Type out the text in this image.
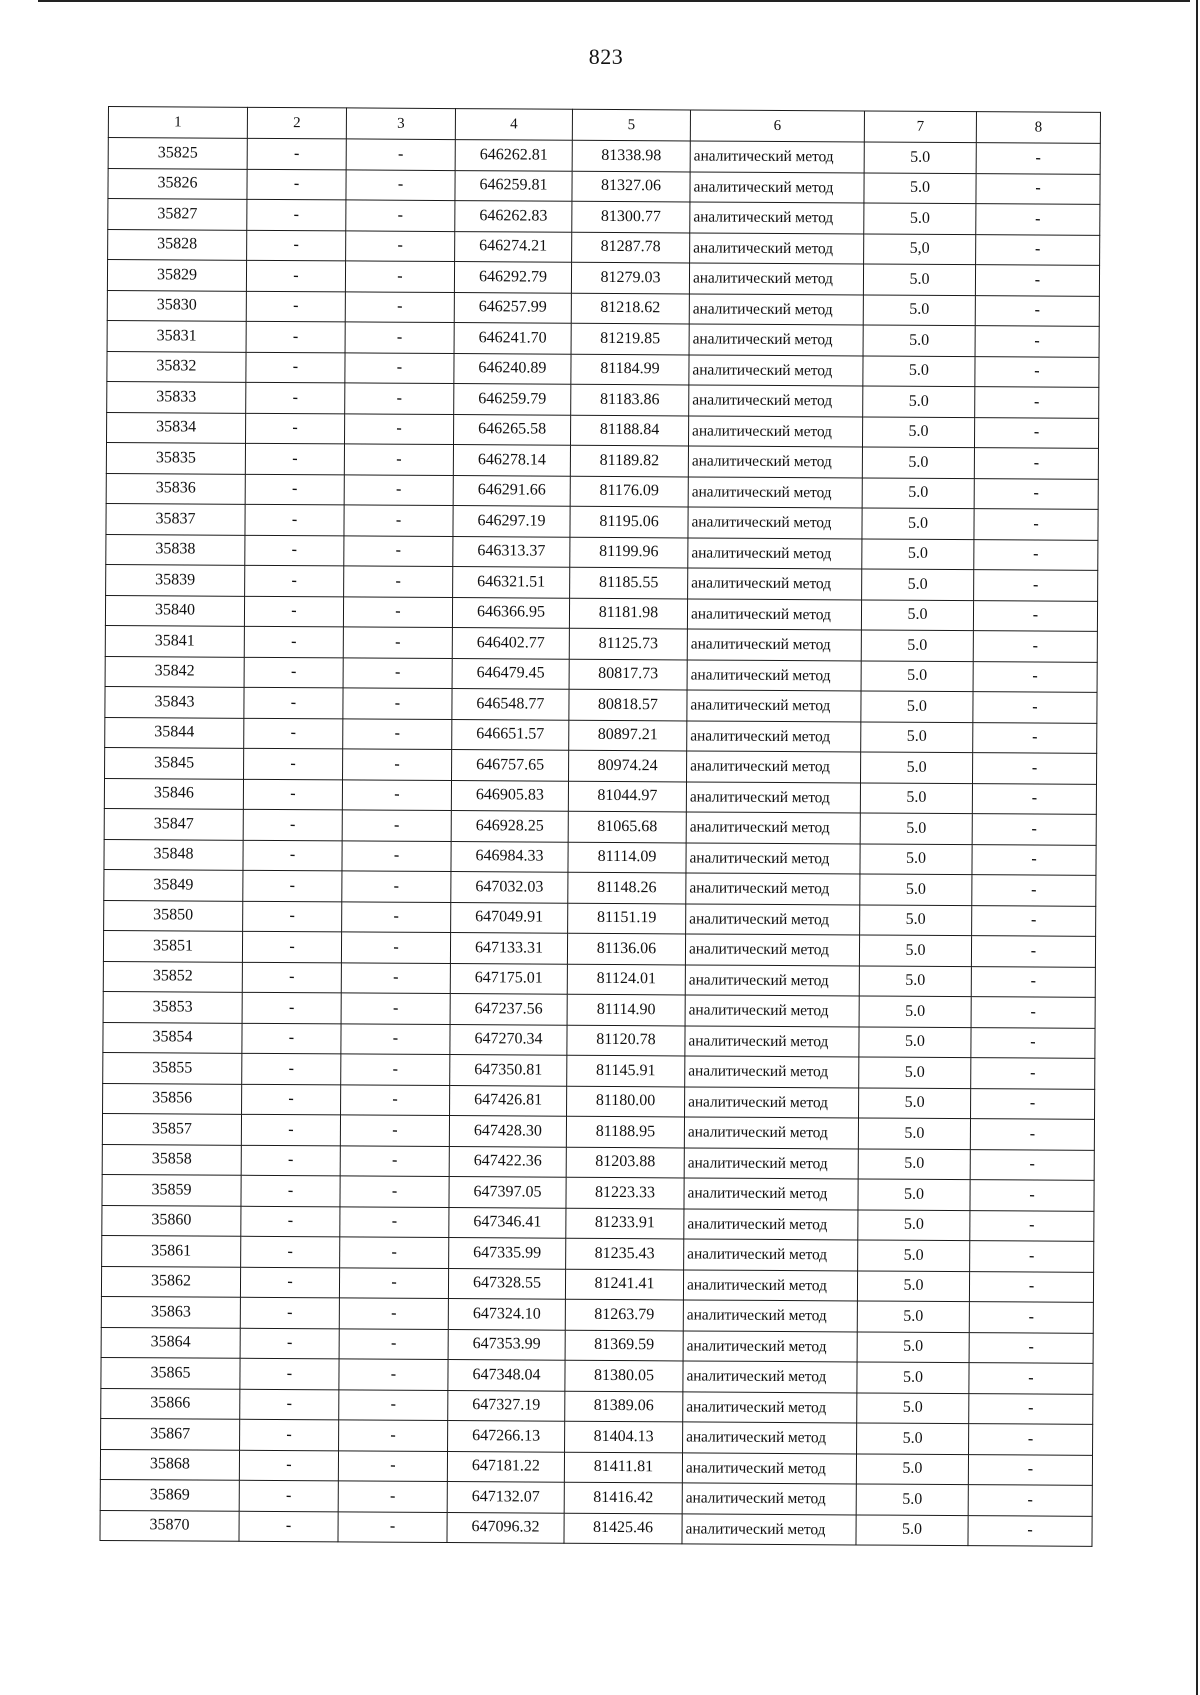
823
1	2	3	4	5	6	7	8
35825	-	-	646262.81	81338.98	аналитический метод	5.0	-
35826	-	-	646259.81	81327.06	аналитический метод	5.0	-
35827	-	-	646262.83	81300.77	аналитический метод	5.0	-
35828	-	-	646274.21	81287.78	аналитический метод	5,0	-
35829	-	-	646292.79	81279.03	аналитический метод	5.0	-
35830	-	-	646257.99	81218.62	аналитический метод	5.0	-
35831	-	-	646241.70	81219.85	аналитический метод	5.0	-
35832	-	-	646240.89	81184.99	аналитический метод	5.0	-
35833	-	-	646259.79	81183.86	аналитический метод	5.0	-
35834	-	-	646265.58	81188.84	аналитический метод	5.0	-
35835	-	-	646278.14	81189.82	аналитический метод	5.0	-
35836	-	-	646291.66	81176.09	аналитический метод	5.0	-
35837	-	-	646297.19	81195.06	аналитический метод	5.0	-
35838	-	-	646313.37	81199.96	аналитический метод	5.0	-
35839	-	-	646321.51	81185.55	аналитический метод	5.0	-
35840	-	-	646366.95	81181.98	аналитический метод	5.0	-
35841	-	-	646402.77	81125.73	аналитический метод	5.0	-
35842	-	-	646479.45	80817.73	аналитический метод	5.0	-
35843	-	-	646548.77	80818.57	аналитический метод	5.0	-
35844	-	-	646651.57	80897.21	аналитический метод	5.0	-
35845	-	-	646757.65	80974.24	аналитический метод	5.0	-
35846	-	-	646905.83	81044.97	аналитический метод	5.0	-
35847	-	-	646928.25	81065.68	аналитический метод	5.0	-
35848	-	-	646984.33	81114.09	аналитический метод	5.0	-
35849	-	-	647032.03	81148.26	аналитический метод	5.0	-
35850	-	-	647049.91	81151.19	аналитический метод	5.0	-
35851	-	-	647133.31	81136.06	аналитический метод	5.0	-
35852	-	-	647175.01	81124.01	аналитический метод	5.0	-
35853	-	-	647237.56	81114.90	аналитический метод	5.0	-
35854	-	-	647270.34	81120.78	аналитический метод	5.0	-
35855	-	-	647350.81	81145.91	аналитический метод	5.0	-
35856	-	-	647426.81	81180.00	аналитический метод	5.0	-
35857	-	-	647428.30	81188.95	аналитический метод	5.0	-
35858	-	-	647422.36	81203.88	аналитический метод	5.0	-
35859	-	-	647397.05	81223.33	аналитический метод	5.0	-
35860	-	-	647346.41	81233.91	аналитический метод	5.0	-
35861	-	-	647335.99	81235.43	аналитический метод	5.0	-
35862	-	-	647328.55	81241.41	аналитический метод	5.0	-
35863	-	-	647324.10	81263.79	аналитический метод	5.0	-
35864	-	-	647353.99	81369.59	аналитический метод	5.0	-
35865	-	-	647348.04	81380.05	аналитический метод	5.0	-
35866	-	-	647327.19	81389.06	аналитический метод	5.0	-
35867	-	-	647266.13	81404.13	аналитический метод	5.0	-
35868	-	-	647181.22	81411.81	аналитический метод	5.0	-
35869	-	-	647132.07	81416.42	аналитический метод	5.0	-
35870	-	-	647096.32	81425.46	аналитический метод	5.0	-
